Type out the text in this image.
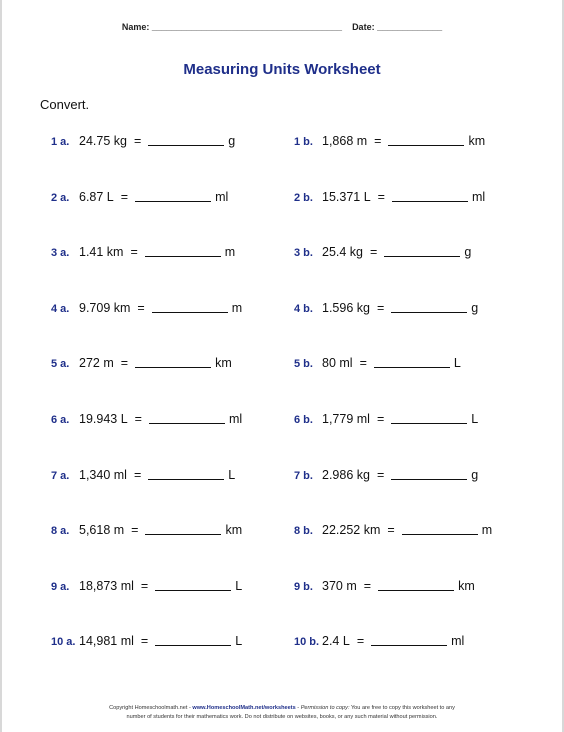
Name: ______________________________________ Date: _____________
Measuring Units Worksheet
Convert.
1 a. 24.75 kg =	g
2 a. 6.87 L =	ml
3 a. 1.41 km =	m
4 a. 9.709 km =	m
5 a. 272 m =	km
6 a. 19.943 L =	ml
7 a. 1,340 ml =	L
8 a. 5,618 m =	km
9 a. 18,873 ml =	L
10 a. 14,981 ml =	L
1 b. 1,868 m =	km
2 b. 15.371 L =	ml
3 b. 25.4 kg =	g
4 b. 1.596 kg =	g
5 b. 80 ml =	L
6 b. 1,779 ml =	L
7 b. 2.986 kg =	g
8 b. 22.252 km =	m
9 b. 370 m =	km
10 b. 2.4 L =	ml
Copyright Homeschoolmath.net - www.HomeschoolMath.net/worksheets - Permission to copy: You are free to copy this worksheet to any
number of students for their mathematics work. Do not distribute on websites, books, or any such material without permission.
